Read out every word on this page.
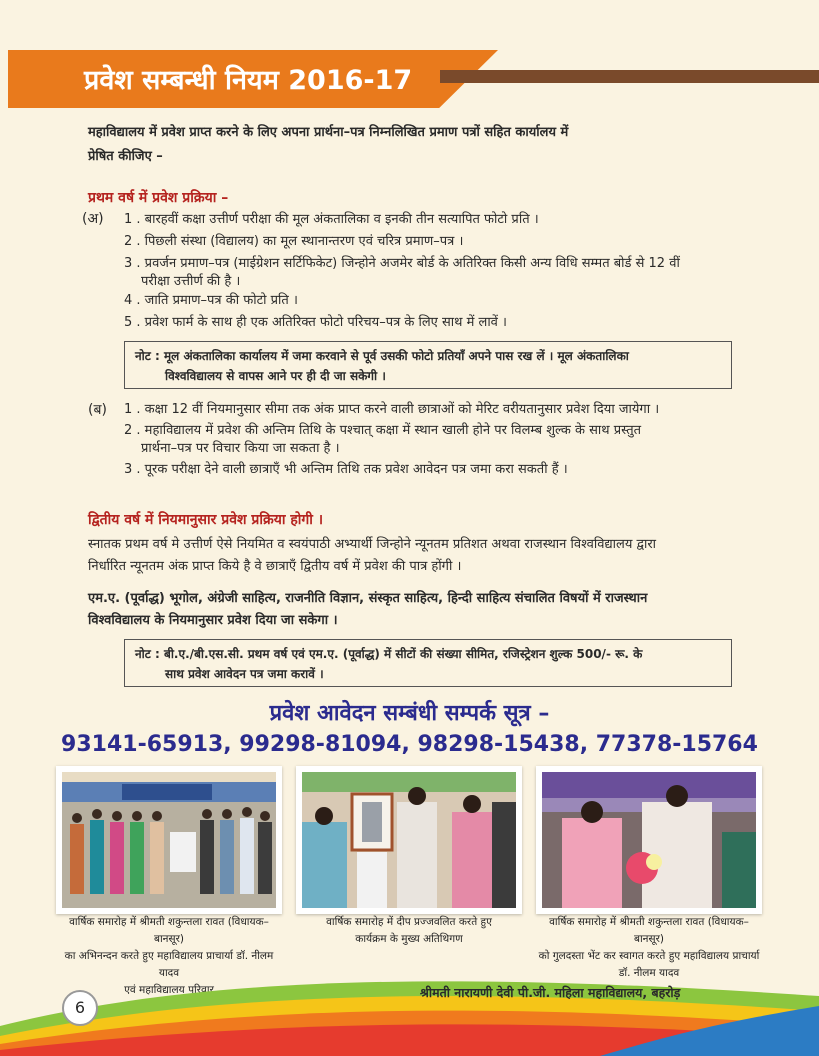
प्रवेश सम्बन्धी नियम 2016-17
महाविद्यालय में प्रवेश प्राप्त करने के लिए अपना प्रार्थना–पत्र निम्नलिखित प्रमाण पत्रों सहित कार्यालय में
प्रेषित कीजिए –
प्रथम वर्ष में प्रवेश प्रक्रिया –
(अ) 1 . बारहवीं कक्षा उत्तीर्ण परीक्षा की मूल अंकतालिका व इनकी तीन सत्यापित फोटो प्रति ।
2 . पिछली संस्था (विद्यालय) का मूल स्थानान्तरण एवं चरित्र प्रमाण–पत्र ।
3 . प्रवर्जन प्रमाण–पत्र (माईग्रेशन सर्टिफिकेट) जिन्होने अजमेर बोर्ड के अतिरिक्त किसी अन्य विधि सम्मत बोर्ड से 12 वीं
परीक्षा उत्तीर्ण की है ।
4 . जाति प्रमाण–पत्र की फोटो प्रति ।
5 . प्रवेश फार्म के साथ ही एक अतिरिक्त फोटो परिचय–पत्र के लिए साथ में लावें ।
नोट : मूल अंकतालिका कार्यालय में जमा करवाने से पूर्व उसकी फोटो प्रतियाँ अपने पास रख लें । मूल अंकतालिका
विश्वविद्यालय से वापस आने पर ही दी जा सकेगी ।
(ब) 1 . कक्षा 12 वीं नियमानुसार सीमा तक अंक प्राप्त करने वाली छात्राओं को मेरिट वरीयतानुसार प्रवेश दिया जायेगा ।
2 . महाविद्यालय में प्रवेश की अन्तिम तिथि के पश्चात् कक्षा में स्थान खाली होने पर विलम्ब शुल्क के साथ प्रस्तुत
प्रार्थना–पत्र पर विचार किया जा सकता है ।
3 . पूरक परीक्षा देने वाली छात्राएँ भी अन्तिम तिथि तक प्रवेश आवेदन पत्र जमा करा सकती हैं ।
द्वितीय वर्ष में नियमानुसार प्रवेश प्रक्रिया होगी ।
स्नातक प्रथम वर्ष मे उत्तीर्ण ऐसे नियमित व स्वयंपाठी अभ्यार्थी जिन्होने न्यूनतम प्रतिशत अथवा राजस्थान विश्वविद्यालय द्वारा
निर्धारित न्यूनतम अंक प्राप्त किये है वे छात्राएँ द्वितीय वर्ष में प्रवेश की पात्र होंगी ।
एम.ए. (पूर्वाद्ध) भूगोल, अंग्रेजी साहित्य, राजनीति विज्ञान, संस्कृत साहित्य, हिन्दी साहित्य संचालित विषयों में राजस्थान
विश्वविद्यालय के नियमानुसार प्रवेश दिया जा सकेगा ।
नोट : बी.ए./बी.एस.सी. प्रथम वर्ष एवं एम.ए. (पूर्वाद्ध) में सीटों की संख्या सीमित, रजिस्ट्रेशन शुल्क 500/- रू. के
साथ प्रवेश आवेदन पत्र जमा करावें ।
प्रवेश आवेदन सम्बंधी सम्पर्क सूत्र –
93141-65913, 99298-81094, 98298-15438, 77378-15764
वार्षिक समारोह में श्रीमती शकुन्तला रावत (विधायक–बानसूर)
का अभिनन्दन करते हुए महाविद्यालय प्राचार्या डॉ. नीलम यादव
एवं महाविद्यालय परिवार
वार्षिक समारोह में दीप प्रज्जवलित करते हुए
कार्यक्रम के मुख्य अतिथिगण
वार्षिक समारोह में श्रीमती शकुन्तला रावत (विधायक–बानसूर)
को गुलदस्ता भेंट कर स्वागत करते हुए महाविद्यालय प्राचार्या
डॉ. नीलम यादव
श्रीमती नारायणी देवी पी.जी. महिला महाविद्यालय, बहरोड़
6
